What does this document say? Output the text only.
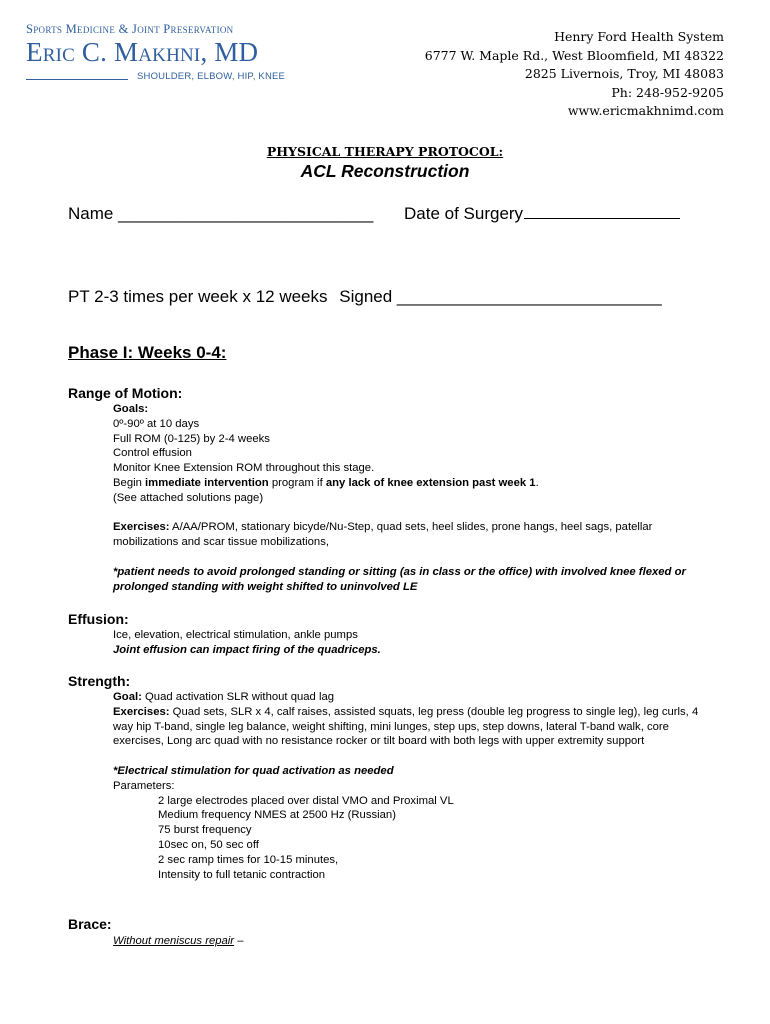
Sports Medicine & Joint Preservation
Eric C. Makhni, MD
SHOULDER, ELBOW, HIP, KNEE
Henry Ford Health System
6777 W. Maple Rd., West Bloomfield, MI 48322
2825 Livernois, Troy, MI 48083
Ph: 248-952-9205
www.ericmakhnimd.com
PHYSICAL THERAPY PROTOCOL:
ACL Reconstruction
Name ___________________________ Date of Surgery
PT 2-3 times per week x 12 weeks Signed ____________________________
Phase I: Weeks 0-4:
Range of Motion:
Goals:
0º-90º at 10 days
Full ROM (0-125) by 2-4 weeks
Control effusion
Monitor Knee Extension ROM throughout this stage.
Begin immediate intervention program if any lack of knee extension past week 1.
(See attached solutions page)
Exercises: A/AA/PROM, stationary bicyde/Nu-Step, quad sets, heel slides, prone hangs, heel sags, patellar mobilizations and scar tissue mobilizations,
*patient needs to avoid prolonged standing or sitting (as in class or the office) with involved knee flexed or prolonged standing with weight shifted to uninvolved LE
Effusion:
Ice, elevation, electrical stimulation, ankle pumps
Joint effusion can impact firing of the quadriceps.
Strength:
Goal: Quad activation SLR without quad lag
Exercises: Quad sets, SLR x 4, calf raises, assisted squats, leg press (double leg progress to single leg), leg curls, 4 way hip T-band, single leg balance, weight shifting, mini lunges, step ups, step downs, lateral T-band walk, core exercises, Long arc quad with no resistance rocker or tilt board with both legs with upper extremity support
*Electrical stimulation for quad activation as needed
Parameters:
2 large electrodes placed over distal VMO and Proximal VL
Medium frequency NMES at 2500 Hz (Russian)
75 burst frequency
10sec on, 50 sec off
2 sec ramp times for 10-15 minutes,
Intensity to full tetanic contraction
Brace:
Without meniscus repair –
